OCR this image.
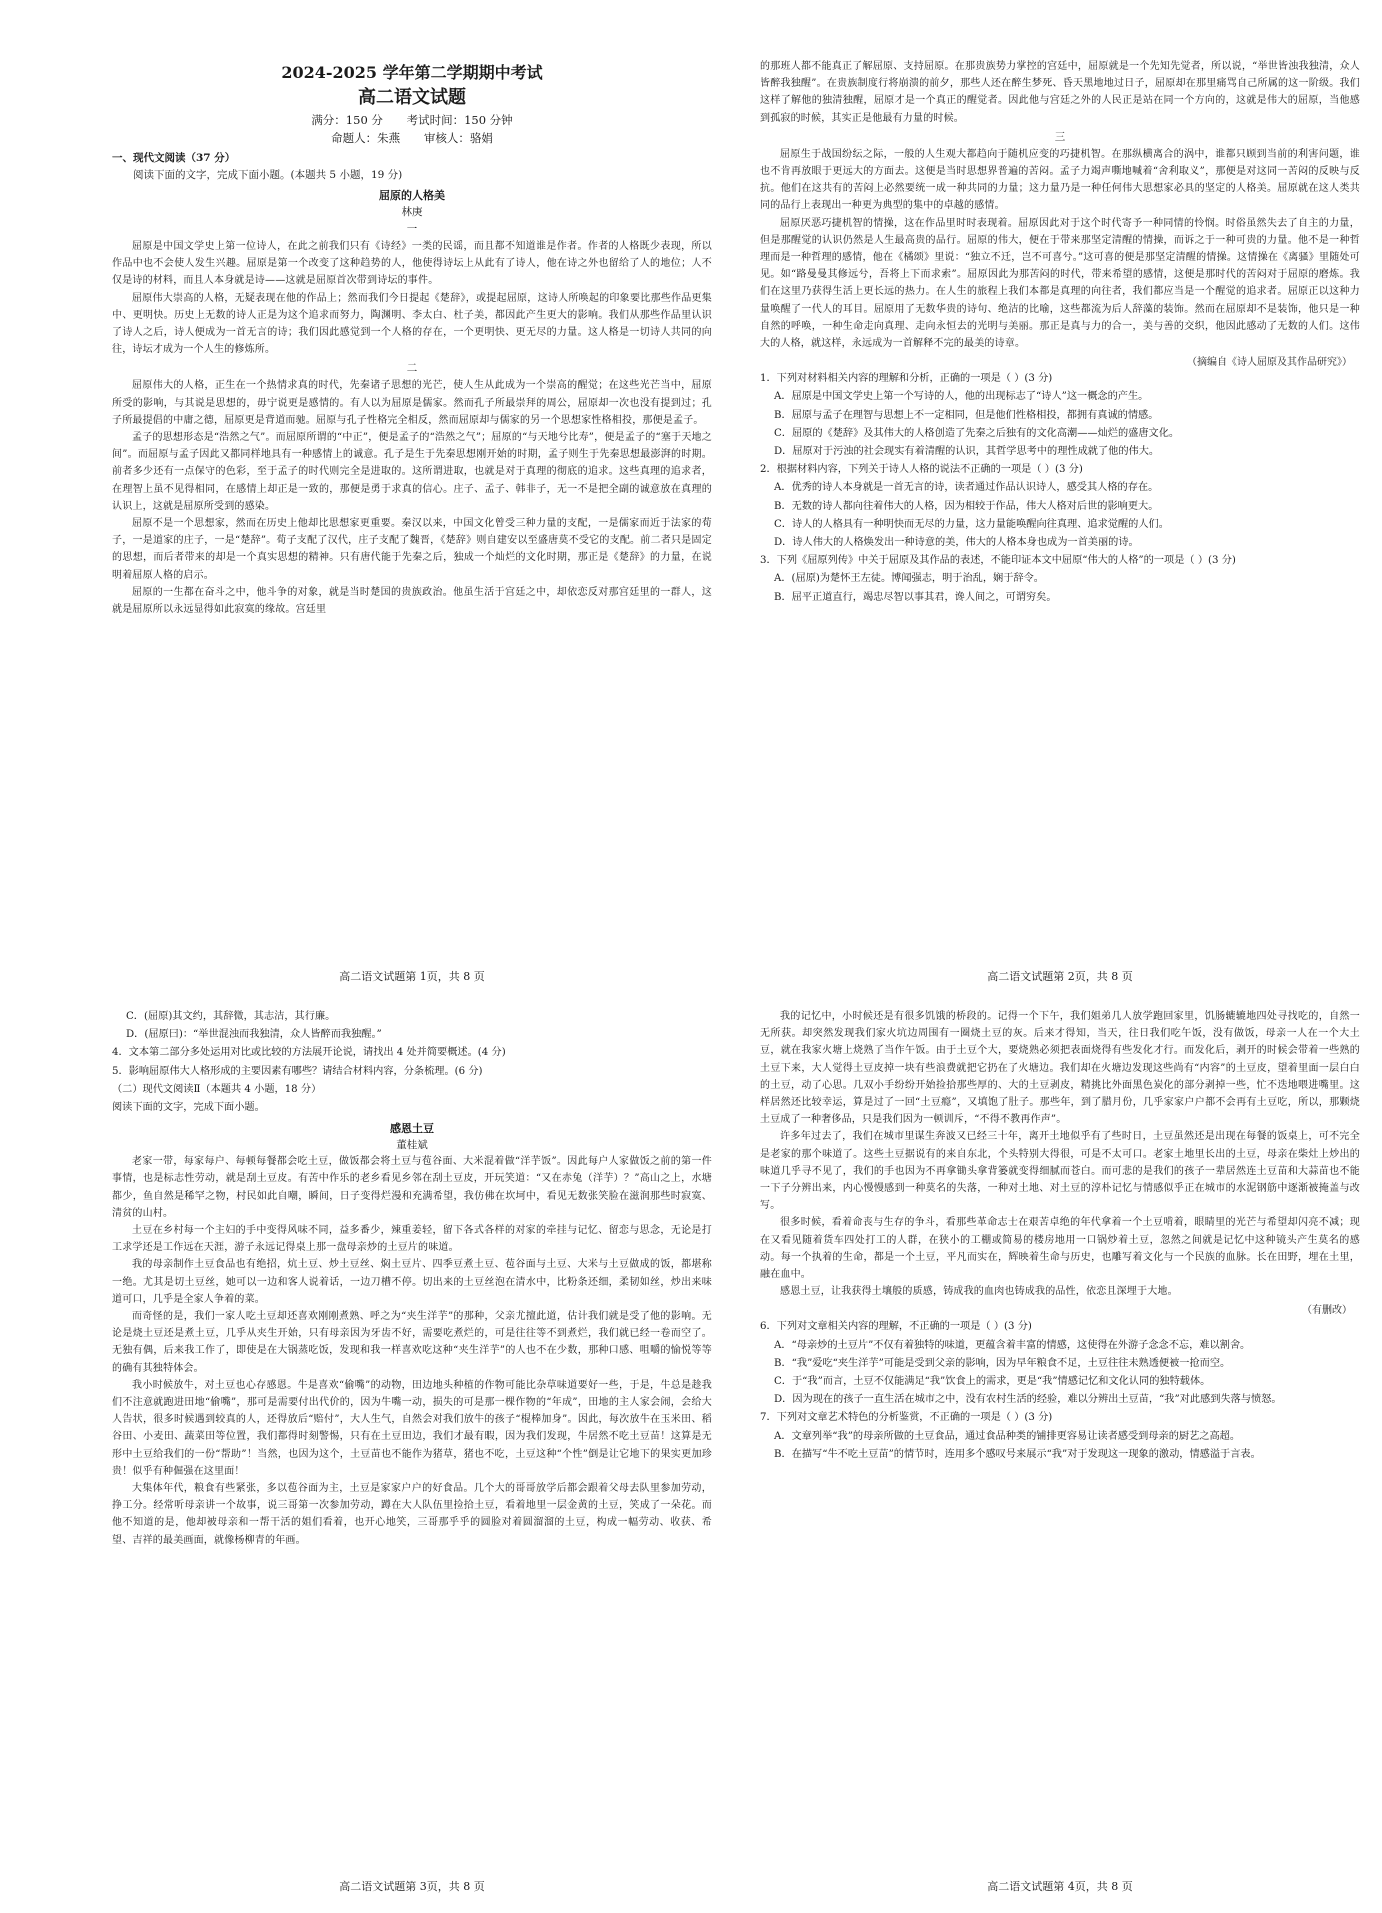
2024-2025 学年第二学期期中考试
高二语文试题
满分：150 分 考试时间：150 分钟
命题人：朱燕 审核人：骆娟
一、现代文阅读（37 分）
阅读下面的文字，完成下面小题。(本题共 5 小题，19 分)
屈原的人格美
林庚
一

屈原是中国文学史上第一位诗人，在此之前我们只有《诗经》一类的民谣，而且都不知道谁是作者。作者的人格既少表现，所以作品中也不会使人发生兴趣。屈原是第一个改变了这种趋势的人，他使得诗坛上从此有了诗人，他在诗之外也留给了人的地位；人不仅是诗的材料，而且人本身就是诗——这就是屈原首次带到诗坛的事件。

屈原伟大崇高的人格，无疑表现在他的作品上；然而我们今日提起《楚辞》，或提起屈原，这诗人所唤起的印象要比那些作品更集中、更明快。历史上无数的诗人正是为这个追求而努力，陶渊明、李太白、杜子美，都因此产生更大的影响。我们从那些作品里认识了诗人之后，诗人便成为一首无言的诗；我们因此感觉到一个人格的存在，一个更明快、更无尽的力量。这人格是一切诗人共同的向往，诗坛才成为一个人生的修炼所。

二

屈原伟大的人格，正生在一个热情求真的时代，先秦诸子思想的光芒，使人生从此成为一个崇高的醒觉；在这些光芒当中，屈原所受的影响，与其说是思想的，毋宁说更是感情的。有人以为屈原是儒家。然而孔子所最崇拜的周公，屈原却一次也没有提到过；孔子所最提倡的中庸之德，屈原更是背道而驰。屈原与孔子性格完全相反，然而屈原却与儒家的另一个思想家性格相投，那便是孟子。

孟子的思想形态是“浩然之气”。而屈原所谓的“中正”，便是孟子的“浩然之气”；屈原的“与天地兮比寿”，便是孟子的“塞于天地之间”。而屈原与孟子因此又都同样地具有一种感情上的诚意。孔子是生于先秦思想刚开始的时期，孟子则生于先秦思想最澎湃的时期。前者多少还有一点保守的色彩，至于孟子的时代则完全是进取的。这所谓进取，也就是对于真理的彻底的追求。这些真理的追求者，在理智上虽不见得相同，在感情上却正是一致的，那便是勇于求真的信心。庄子、孟子、韩非子，无一不是把全副的诚意放在真理的认识上，这就是屈原所受到的感染。

屈原不是一个思想家，然而在历史上他却比思想家更重要。秦汉以来，中国文化曾受三种力量的支配，一是儒家而近于法家的荀子，一是道家的庄子，一是“楚辞”。荀子支配了汉代，庄子支配了魏晋，《楚辞》则自建安以至盛唐莫不受它的支配。前二者只是固定的思想，而后者带来的却是一个真实思想的精神。只有唐代能于先秦之后，独成一个灿烂的文化时期，那正是《楚辞》的力量，在说明着屈原人格的启示。

屈原的一生都在奋斗之中，他斗争的对象，就是当时楚国的贵族政治。他虽生活于宫廷之中，却依恋反对那宫廷里的一群人，这就是屈原所以永远显得如此寂寞的缘故。宫廷里

高二语文试题第 1页，共 8 页

的那班人都不能真正了解屈原、支持屈原。在那贵族势力掌控的宫廷中，屈原就是一个先知先觉者，所以说，“举世皆浊我独清，众人皆醉我独醒”。在贵族制度行将崩溃的前夕，那些人还在醉生梦死、昏天黑地地过日子，屈原却在那里痛骂自己所属的这一阶级。我们这样了解他的独清独醒，屈原才是一个真正的醒觉者。因此他与宫廷之外的人民正是站在同一个方向的，这就是伟大的屈原，当他感到孤寂的时候，其实正是他最有力量的时候。

三

屈原生于战国纷纭之际，一般的人生观大都趋向于随机应变的巧捷机智。在那纵横离合的涡中，谁都只顾到当前的利害问题，谁也不肯再放眼于更远大的方面去。这便是当时思想界普遍的苦闷。孟子力竭声嘶地喊着“舍利取义”，那便是对这同一苦闷的反映与反抗。他们在这共有的苦闷上必然要统一成一种共同的力量；这力量乃是一种任何伟大思想家必具的坚定的人格美。屈原就在这人类共同的品行上表现出一种更为典型的集中的卓越的感情。

屈原厌恶巧捷机智的情操，这在作品里时时表现着。屈原因此对于这个时代寄予一种同情的怜悯。时俗虽然失去了自主的力量，但是那醒觉的认识仍然是人生最高贵的品行。屈原的伟大，便在于带来那坚定清醒的情操，而诉之于一种可贵的力量。他不是一种哲理而是一种哲理的感情，他在《橘颂》里说：“独立不迁，岂不可喜兮。”这可喜的便是那坚定清醒的情操。这情操在《离骚》里随处可见。如“路曼曼其修远兮，吾将上下而求索”。屈原因此为那苦闷的时代，带来希望的感情，这便是那时代的苦闷对于屈原的磨炼。我们在这里乃获得生活上更长远的热力。在人生的旅程上我们本都是真理的向往者，我们都应当是一个醒觉的追求者。屈原正以这种力量唤醒了一代人的耳目。屈原用了无数华贵的诗句、绝洁的比喻，这些都流为后人辞藻的装饰。然而在屈原却不是装饰，他只是一种自然的呼唤，一种生命走向真理、走向永恒去的光明与美丽。那正是真与力的合一，美与善的交织，他因此感动了无数的人们。这伟大的人格，就这样，永远成为一首解释不完的最美的诗章。

（摘编自《诗人屈原及其作品研究》）

1．下列对材料相关内容的理解和分析，正确的一项是（ ）(3 分)

A．屈原是中国文学史上第一个写诗的人，他的出现标志了“诗人”这一概念的产生。

B．屈原与孟子在理智与思想上不一定相同，但是他们性格相投，都拥有真诚的情感。

C．屈原的《楚辞》及其伟大的人格创造了先秦之后独有的文化高潮——灿烂的盛唐文化。

D．屈原对于污浊的社会现实有着清醒的认识，其哲学思考中的理性成就了他的伟大。

2．根据材料内容，下列关于诗人人格的说法不正确的一项是（ ）(3 分)

A．优秀的诗人本身就是一首无言的诗，读者通过作品认识诗人，感受其人格的存在。

B．无数的诗人都向往着伟大的人格，因为相较于作品，伟大人格对后世的影响更大。

C．诗人的人格具有一种明快而无尽的力量，这力量能唤醒向往真理、追求觉醒的人们。

D．诗人伟大的人格焕发出一种诗意的美，伟大的人格本身也成为一首美丽的诗。

3．下列《屈原列传》中关于屈原及其作品的表述，不能印证本文中屈原“伟大的人格”的一项是（ ）(3 分)

A．(屈原)为楚怀王左徒。博闻强志，明于治乱，娴于辞令。

B．屈平正道直行，竭忠尽智以事其君，谗人间之，可谓穷矣。

高二语文试题第 2页，共 8 页

C．(屈原)其文约，其辞微，其志洁，其行廉。

D．(屈原曰)：“举世混浊而我独清，众人皆醉而我独醒。”

4．文本第二部分多处运用对比或比较的方法展开论说，请找出 4 处并简要概述。(4 分)

5．影响屈原伟大人格形成的主要因素有哪些？请结合材料内容，分条梳理。(6 分)

（二）现代文阅读Ⅱ（本题共 4 小题，18 分）
阅读下面的文字，完成下面小题。
感恩土豆
董桂斌

老家一带，每家每户、每顿每餐都会吃土豆，做饭都会将土豆与苞谷面、大米混着做“洋芋饭”。因此每户人家做饭之前的第一件事情，也是标志性劳动，就是刮土豆皮。有苦中作乐的老乡看见乡邻在刮土豆皮，开玩笑道：“又在赤兔（洋芋）？”高山之上，水塘都少，鱼自然是稀罕之物，村民如此自嘲，瞬间，日子变得烂漫和充满希望，我仿佛在坎坷中，看见无数张笑脸在滋润那些时寂寞、清贫的山村。

土豆在乡村每一个主妇的手中变得风味不同，益多番少，辣重姜轻，留下各式各样的对家的牵挂与记忆、留恋与思念，无论是打工求学还是工作远在天涯，游子永远记得桌上那一盘母亲炒的土豆片的味道。

我的母亲制作土豆食品也有绝招，炕土豆、炒土豆丝、焖土豆片、四季豆煮土豆、苞谷面与土豆、大米与土豆做成的饭，都堪称一绝。尤其是切土豆丝，她可以一边和客人说着话，一边刀槽不停。切出来的土豆丝泡在清水中，比粉条还细，柔韧如丝，炒出来味道可口，几乎是全家人争着的菜。

而奇怪的是，我们一家人吃土豆却还喜欢刚刚煮熟、呼之为“夹生洋芋”的那种，父亲尤擅此道，估计我们就是受了他的影响。无论是烧土豆还是煮土豆，几乎从夹生开始，只有母亲因为牙齿不好，需要吃煮烂的，可是往往等不到煮烂，我们就已经一卷而空了。无独有偶，后来我工作了，即使是在大锅蒸吃饭，发现和我一样喜欢吃这种“夹生洋芋”的人也不在少数，那种口感、咀嚼的愉悦等等的确有其独特体会。

我小时候放牛，对土豆也心存感恩。牛是喜欢“偷嘴”的动物，田边地头种植的作物可能比杂草味道要好一些，于是，牛总是趁我们不注意就跑进田地“偷嘴”，那可是需要付出代价的，因为牛嘴一动，损失的可是那一棵作物的“年成”，田地的主人家会闹，会给大人告状，很多时候遇到较真的人，还得放后“赔付”，大人生气，自然会对我们放牛的孩子“棍棒加身”。因此，每次放牛在玉米田、稻谷田、小麦田、蔬菜田等位置，我们都得时刻警惕，只有在土豆田边，我们才最有暇，因为我们发现，牛居然不吃土豆苗！这算是无形中土豆给我们的一份“帮助”！当然，也因为这个，土豆苗也不能作为猪草，猪也不吃，土豆这种“个性”倒是让它地下的果实更加珍贵！似乎有种倔强在这里面！

大集体年代，粮食有些紧张，多以苞谷面为主，土豆是家家户户的好食品。几个大的哥哥放学后都会跟着父母去队里参加劳动，挣工分。经常听母亲讲一个故事，说三哥第一次参加劳动，蹲在大人队伍里捡拾土豆，看着地里一层金黄的土豆，笑成了一朵花。而他不知道的是，他却被母亲和一帮干活的姐们看着，也开心地笑，三哥那乎乎的圆脸对着圆溜溜的土豆，构成一幅劳动、收获、希望、吉祥的最美画面，就像杨柳青的年画。

高二语文试题第 3页，共 8 页

我的记忆中，小时候还是有很多饥饿的桥段的。记得一个下午，我们姐弟几人放学跑回家里，饥肠辘辘地四处寻找吃的，自然一无所获。却突然发现我们家火坑边周围有一圈烧土豆的灰。后来才得知，当天，往日我们吃午饭，没有做饭，母亲一人在一个大土豆，就在我家火塘上烧熟了当作午饭。由于土豆个大，要烧熟必须把表面烧得有些发化才行。而发化后，剥开的时候会带着一些熟的土豆下来，大人觉得土豆皮掉一块有些浪费就把它扔在了火塘边。我们却在火塘边发现这些尚有“内容”的土豆皮，望着里面一层白白的土豆，动了心思。几双小手纷纷开始捡拾那些厚的、大的土豆剥皮，精挑比外面黑色炭化的部分剥掉一些，忙不迭地喂进嘴里。这样居然还比较幸运，算是过了一回“土豆瘾”，又填饱了肚子。那些年，到了腊月份，几乎家家户户都不会再有土豆吃，所以，那颗烧土豆成了一种奢侈品，只是我们因为一顿训斥，“不得不教再作声”。

许多年过去了，我们在城市里谋生奔波又已经三十年，离开土地似乎有了些时日，土豆虽然还是出现在每餐的饭桌上，可不完全是老家的那个味道了。这些土豆据说有的来自东北，个头特别大得很，可是不太可口。老家土地里长出的土豆，母亲在柴灶上炒出的味道几乎寻不见了，我们的手也因为不再拿锄头拿背篓就变得细腻而苍白。而可悲的是我们的孩子一辈居然连土豆苗和大蒜苗也不能一下子分辨出来，内心慢慢感到一种莫名的失落，一种对土地、对土豆的淳朴记忆与情感似乎正在城市的水泥钢筋中逐渐被掩盖与改写。

很多时候，看着命丧与生存的争斗，看那些革命志士在艰苦卓绝的年代拿着一个土豆啃着，眼睛里的光芒与希望却闪亮不减；现在又看见随着货车四处打工的人群，在狭小的工棚或简易的楼房地用一口锅炒着土豆，忽然之间就是记忆中这种镜头产生莫名的感动。每一个执着的生命，都是一个土豆，平凡而实在，辉映着生命与历史，也雕写着文化与一个民族的血脉。长在田野，埋在土里，融在血中。

感恩土豆，让我获得土壤般的质感，铸成我的血肉也铸成我的品性，依恋且深埋于大地。

（有删改）

6．下列对文章相关内容的理解，不正确的一项是（ ）(3 分)

A．“母亲炒的土豆片”不仅有着独特的味道，更蕴含着丰富的情感，这使得在外游子念念不忘，难以割舍。

B．“我”爱吃“夹生洋芋”可能是受到父亲的影响，因为早年粮食不足，土豆往往未熟透便被一抢而空。

C．于“我”而言，土豆不仅能满足“我”饮食上的需求，更是“我”情感记忆和文化认同的独特载体。

D．因为现在的孩子一直生活在城市之中，没有农村生活的经验，难以分辨出土豆苗，“我”对此感到失落与愤怒。

7．下列对文章艺术特色的分析鉴赏，不正确的一项是（ ）(3 分)

A．文章列举“我”的母亲所做的土豆食品，通过食品种类的铺排更容易让读者感受到母亲的厨艺之高超。

B．在描写“牛不吃土豆苗”的情节时，连用多个感叹号来展示“我”对于发现这一现象的激动，情感溢于言表。

高二语文试题第 4页，共 8 页
